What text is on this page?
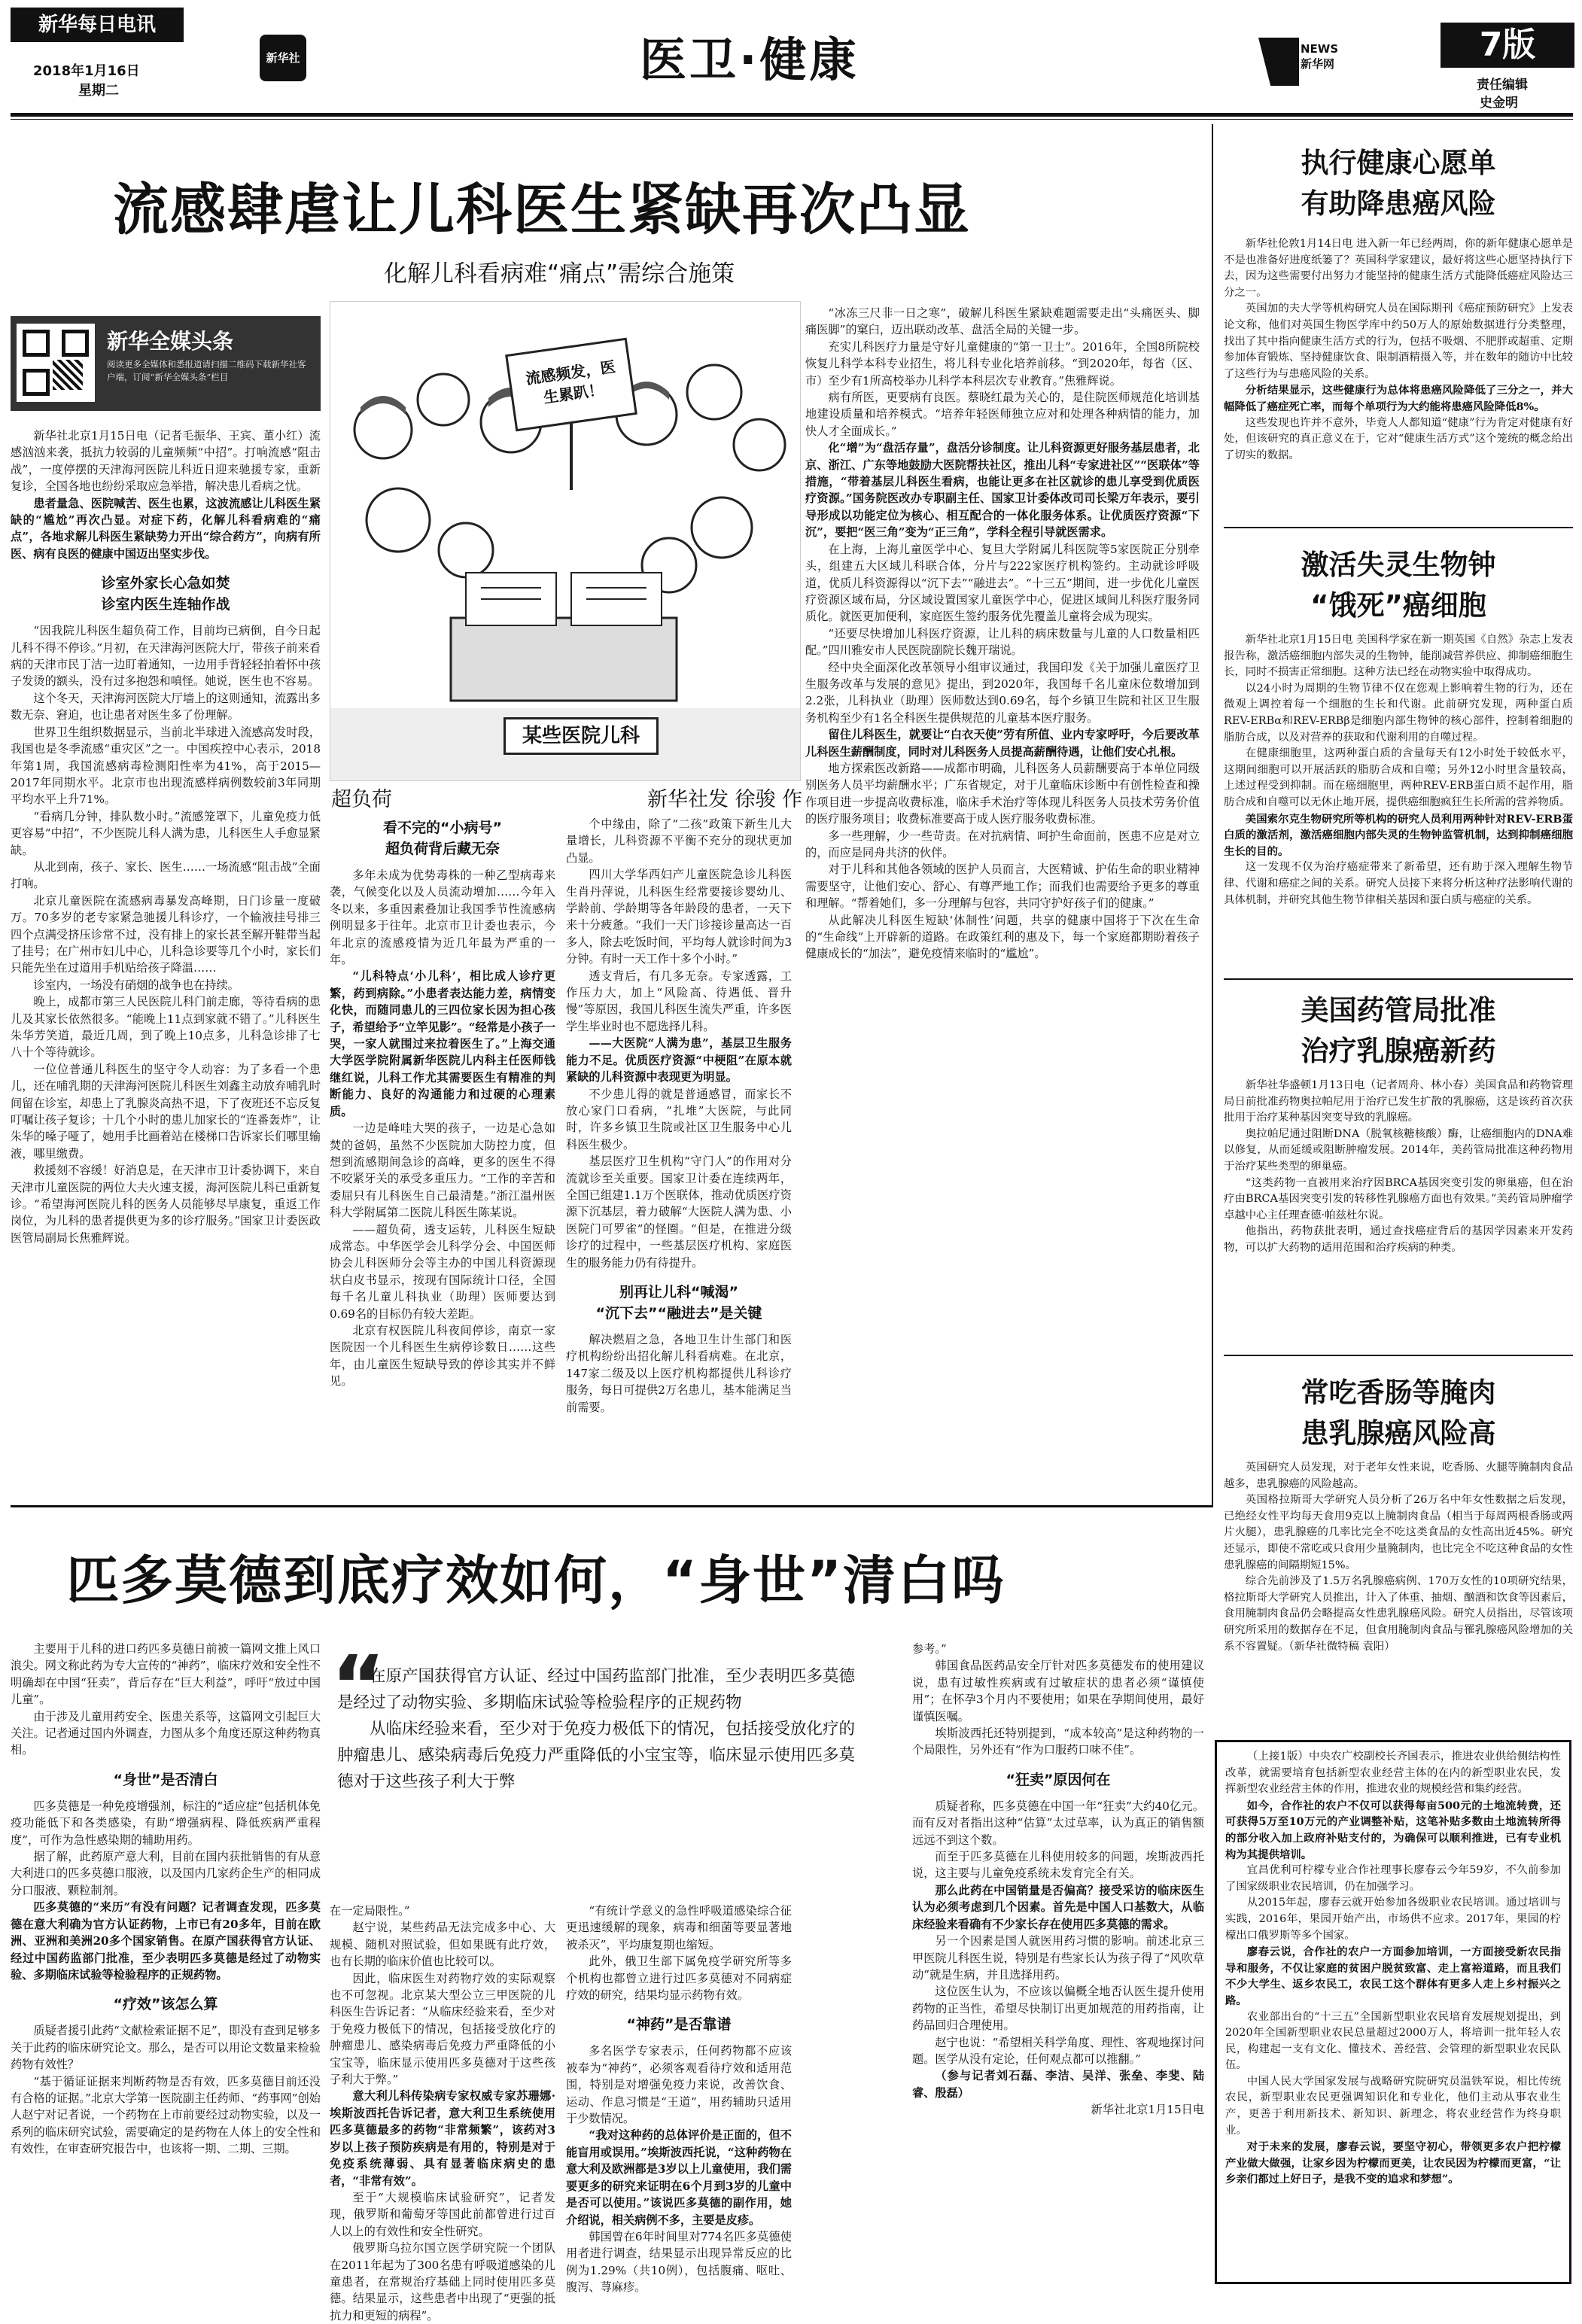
新华每日电讯
2018年1月16日
星期二
新华社	医卫·健康	NEWS 新华网	7版
责任编辑
史金明
流感肆虐让儿科医生紧缺再次凸显
化解儿科看病难“痛点”需综合施策
新华全媒头条
阅读更多全媒体和悉报道请扫描二维码下载新华社客户端，订阅“新华全媒头条”栏目

新华社北京1月15日电（记者毛振华、王宾、董小红）流感汹汹来袭，抵抗力较弱的儿童频频“中招”。打响流感“阻击战”，一度停摆的天津海河医院儿科近日迎来驰援专家，重新复诊，全国各地也纷纷采取应急举措，解决患儿看病之忧。

患者量急、医院喊苦、医生也累，这波流感让儿科医生紧缺的“尴尬”再次凸显。对症下药，化解儿科看病难的“痛点”，各地求解儿科医生紧缺势力开出“综合药方”，向病有所医、病有良医的健康中国迈出坚实步伐。

诊室外家长心急如焚
诊室内医生连轴作战

“因我院儿科医生超负荷工作，目前均已病倒，自今日起儿科不得不停诊。”月初，在天津海河医院大厅，带孩子前来看病的天津市民丁洁一边盯着通知，一边用手背轻轻拍着怀中孩子发烫的额头，没有过多抱怨和嗔怪。她说，医生也不容易。

这个冬天，天津海河医院大厅墙上的这则通知，流露出多数无奈、窘迫，也让患者对医生多了份理解。

世界卫生组织数据显示，当前北半球进入流感高发时段，我国也是冬季流感“重灾区”之一。中国疾控中心表示，2018年第1周，我国流感病毒检测阳性率为41%，高于2015—2017年同期水平。北京市也出现流感样病例数较前3年同期平均水平上升71%。

“看病几分钟，排队数小时。”流感笼罩下，儿童免疫力低更容易“中招”，不少医院儿科人满为患，儿科医生人手愈显紧缺。

从北到南，孩子、家长、医生……一场流感“阻击战”全面打响。

北京儿童医院在流感病毒暴发高峰期，日门诊量一度破万。70多岁的老专家紧急驰援儿科诊疗，一个输液挂号排三四个点满受挤压诊常不过，没有排上的家长甚至解开鞋带当起了挂号；在广州市妇儿中心，儿科急诊要等几个小时，家长们只能先坐在过道用手机贴给孩子降温……

诊室内，一场没有硝烟的战争也在持续。

晚上，成都市第三人民医院儿科门前走廊，等待看病的患儿及其家长依然很多。“能晚上11点到家就不错了。”儿科医生朱华芳笑道，最近几周，到了晚上10点多，儿科急诊排了七八十个等待就诊。

一位位普通儿科医生的坚守令人动容：为了多看一个患儿，还在哺乳期的天津海河医院儿科医生刘鑫主动放弃哺乳时间留在诊室，却患上了乳腺炎高热不退，下了夜班还不忘反复叮嘱让孩子复诊；十几个小时的患儿加家长的“连番轰炸”，让朱华的嗓子哑了，她用手比画着站在楼梯口告诉家长们哪里输液，哪里缴费。

救援刻不容缓！好消息是，在天津市卫计委协调下，来自天津市儿童医院的两位大夫火速支援，海河医院儿科已重新复诊。“希望海河医院儿科的医务人员能够尽早康复，重返工作岗位，为儿科的患者提供更为多的诊疗服务。”国家卫计委医政医管局副局长焦雅辉说。

流感频发，医生累趴！
某些医院儿科
超负荷	新华社发 徐骏 作
看不完的“小病号”
超负荷背后藏无奈

多年未成为优势毒株的一种乙型病毒来袭，气候变化以及人员流动增加……今年入冬以来，多重因素叠加让我国季节性流感病例明显多于往年。北京市卫计委也表示，今年北京的流感疫情为近几年最为严重的一年。

“儿科特点‘小儿科’，相比成人诊疗更繁，药到病除。”小患者表达能力差，病情变化快，而随同患儿的三四位家长因为担心孩子，希望给予“立竿见影”。“经常是小孩子一哭，一家人就围过来拉着医生了。”上海交通大学医学院附属新华医院儿内科主任医师钱继红说，儿科工作尤其需要医生有精准的判断能力、良好的沟通能力和过硬的心理素质。

一边是峰哇大哭的孩子，一边是心急如焚的爸妈，虽然不少医院加大防控力度，但想到流感期间急诊的高峰，更多的医生不得不咬紧牙关的承受多重压力。“工作的辛苦和委屈只有儿科医生自己最清楚。”浙江温州医科大学附属第二医院儿科医生陈某说。

——超负荷，透支运转，儿科医生短缺成常态。中华医学会儿科学分会、中国医师协会儿科医师分会等主办的中国儿科资源现状白皮书显示，按现有国际统计口径，全国每千名儿童儿科执业（助理）医师要达到0.69名的目标仍有较大差距。

北京有权医院儿科夜间停诊，南京一家医院因一个儿科医生生病停诊数日……这些年，由儿童医生短缺导致的停诊其实并不鲜见。

个中缘由，除了“二孩”政策下新生儿大量增长，儿科资源不平衡不充分的现状更加凸显。

四川大学华西妇产儿童医院急诊儿科医生肖丹萍说，儿科医生经常要接诊婴幼儿、学龄前、学龄期等各年龄段的患者，一天下来十分疲惫。“我们一天门诊接诊量高达一百多人，除去吃饭时间，平均每人就诊时间为3分钟。有时一天工作十多个小时。”

透支背后，有几多无奈。专家透露，工作压力大，加上“风险高、待遇低、晋升慢”等原因，我国儿科医生流失严重，许多医学生毕业时也不愿选择儿科。

——大医院“人满为患”，基层卫生服务能力不足。优质医疗资源“中梗阻”在原本就紧缺的儿科资源中表现更为明显。

不少患儿得的就是普通感冒，而家长不放心家门口看病，“扎堆”大医院，与此同时，许多乡镇卫生院或社区卫生服务中心儿科医生极少。

基层医疗卫生机构“守门人”的作用对分流就诊至关重要。国家卫计委在连续两年，全国已组建1.1万个医联体，推动优质医疗资源下沉基层，着力破解“大医院人满为患、小医院门可罗雀”的怪圈。“但是，在推进分级诊疗的过程中，一些基层医疗机构、家庭医生的服务能力仍有待提升。

别再让儿科“喊渴”
“沉下去”“融进去”是关键

解决燃眉之急，各地卫生计生部门和医疗机构纷纷出招化解儿科看病难。在北京，147家二级及以上医疗机构都提供儿科诊疗服务，每日可提供2万名患儿，基本能满足当前需要。

“冰冻三尺非一日之寒”，破解儿科医生紧缺难题需要走出“头痛医头、脚痛医脚”的窠臼，迈出联动改革、盘活全局的关键一步。

充实儿科医疗力量是守好儿童健康的“第一卫士”。2016年，全国8所院校恢复儿科学本科专业招生，将儿科专业化培养前移。“到2020年，每省（区、市）至少有1所高校举办儿科学本科层次专业教育。”焦雅辉说。

病有所医，更要病有良医。蔡晓红最为关心的，是住院医师规范化培训基地建设质量和培养模式。“培养年轻医师独立应对和处理各种病情的能力，加快人才全面成长。”

化“增”为“盘活存量”，盘活分诊制度。让儿科资源更好服务基层患者，北京、浙江、广东等地鼓励大医院帮扶社区，推出儿科“专家进社区”“医联体”等措施，“带着基层儿科医生看病，也能让更多在社区就诊的患儿享受到优质医疗资源。”国务院医改办专职副主任、国家卫计委体改司司长梁万年表示，要引导形成以功能定位为核心、相互配合的一体化服务体系。让优质医疗资源“下沉”，要把“医三角”变为“正三角”，学科全程引导就医需求。

在上海，上海儿童医学中心、复旦大学附属儿科医院等5家医院正分别牵头，组建五大区域儿科联合体，分片与222家医疗机构签约。主动就诊呼吸道，优质儿科资源得以“沉下去”“融进去”。“十三五”期间，进一步优化儿童医疗资源区域布局，分区域设置国家儿童医学中心，促进区域间儿科医疗服务同质化。就医更加便利，家庭医生签约服务优先覆盖儿童将会成为现实。

“还要尽快增加儿科医疗资源，让儿科的病床数量与儿童的人口数量相匹配。”四川雅安市人民医院副院长魏开瑞说。

经中央全面深化改革领导小组审议通过，我国印发《关于加强儿童医疗卫生服务改革与发展的意见》提出，到2020年，我国每千名儿童床位数增加到2.2张，儿科执业（助理）医师数达到0.69名，每个乡镇卫生院和社区卫生服务机构至少有1名全科医生提供规范的儿童基本医疗服务。

留住儿科医生，就要让“白衣天使”劳有所值、业内专家呼吁，今后要改革儿科医生薪酬制度，同时对儿科医务人员提高薪酬待遇，让他们安心扎根。

地方探索医改新路——成都市明确，儿科医务人员薪酬要高于本单位同级别医务人员平均薪酬水平；广东省规定，对于儿童临床诊断中有创性检查和操作项目进一步提高收费标准，临床手术治疗等体现儿科医务人员技术劳务价值的医疗服务项目；收费标准要高于成人医疗服务收费标准。

多一些理解，少一些苛责。在对抗病情、呵护生命面前，医患不应是对立的，而应是同舟共济的伙伴。

对于儿科和其他各领域的医护人员而言，大医精诚、护佑生命的职业精神需要坚守，让他们安心、舒心、有尊严地工作；而我们也需要给予更多的尊重和理解。“帮着她们，多一分理解与包容，共同守护好孩子们的健康。”

从此解决儿科医生短缺‘体制性’问题，共享的健康中国将于下次在生命的“生命线”上开辟新的道路。在政策红利的惠及下，每一个家庭都期盼着孩子健康成长的“加法”，避免疫情来临时的“尴尬”。

执行健康心愿单
有助降患癌风险

新华社伦敦1月14日电 进入新一年已经两周，你的新年健康心愿单是不是也准备好进度纸篓了？英国科学家建议，最好将这些心愿坚持执行下去，因为这些需要付出努力才能坚持的健康生活方式能降低癌症风险达三分之一。

英国加的夫大学等机构研究人员在国际期刊《癌症预防研究》上发表论文称，他们对英国生物医学库中约50万人的原始数据进行分类整理，找出了其中指向健康生活方式的行为，包括不吸烟、不肥胖或超重、定期参加体育锻炼、坚持健康饮食、限制酒精摄入等，并在数年的随访中比较了这些行为与患癌风险的关系。

分析结果显示，这些健康行为总体将患癌风险降低了三分之一，并大幅降低了癌症死亡率，而每个单项行为大约能将患癌风险降低8%。

这些发现也许并不意外，毕竟人人都知道“健康”行为肯定对健康有好处，但该研究的真正意义在于，它对“健康生活方式”这个笼统的概念给出了切实的数据。

激活失灵生物钟
“饿死”癌细胞

新华社北京1月15日电 美国科学家在新一期英国《自然》杂志上发表报告称，激活癌细胞内部失灵的生物钟，能削减营养供应、抑制癌细胞生长，同时不损害正常细胞。这种方法已经在动物实验中取得成功。

以24小时为周期的生物节律不仅在您观上影响着生物的行为，还在微观上调控着每一个细胞的生长和代谢。此前研究发现，两种蛋白质REV-ERBα和REV-ERBβ是细胞内部生物钟的核心部件，控制着细胞的脂肪合成，以及对营养的获取和代谢利用的自噬过程。

在健康细胞里，这两种蛋白质的含量每天有12小时处于较低水平，这期间细胞可以开展活跃的脂肪合成和自噬；另外12小时里含量较高，上述过程受到抑制。而在癌细胞里，两种REV-ERB蛋白质不起作用，脂肪合成和自噬可以无休止地开展，提供癌细胞疯狂生长所需的营养物质。

美国索尔克生物研究所等机构的研究人员利用两种针对REV-ERB蛋白质的激活剂，激活癌细胞内部失灵的生物钟监管机制，达到抑制癌细胞生长的目的。

这一发现不仅为治疗癌症带来了新希望，还有助于深入理解生物节律、代谢和癌症之间的关系。研究人员接下来将分析这种疗法影响代谢的具体机制，并研究其他生物节律相关基因和蛋白质与癌症的关系。

美国药管局批准
治疗乳腺癌新药

新华社华盛顿1月13日电（记者周舟、林小春）美国食品和药物管理局日前批准药物奥拉帕尼用于治疗已发生扩散的乳腺癌，这是该药首次获批用于治疗某种基因突变导致的乳腺癌。

奥拉帕尼通过阻断DNA（脱氧核糖核酸）酶，让癌细胞内的DNA难以修复，从而延缓或阻断肿瘤发展。2014年，美药管局批准这种药物用于治疗某些类型的卵巢癌。

“这类药物一直被用来治疗因BRCA基因突变引发的卵巢癌，但在治疗由BRCA基因突变引发的转移性乳腺癌方面也有效果。”美药管局肿瘤学卓越中心主任理查德·帕兹杜尔说。

他指出，药物获批表明，通过查找癌症背后的基因学因素来开发药物，可以扩大药物的适用范围和治疗疾病的种类。

常吃香肠等腌肉
患乳腺癌风险高

英国研究人员发现，对于老年女性来说，吃香肠、火腿等腌制肉食品越多，患乳腺癌的风险越高。

英国格拉斯哥大学研究人员分析了26万名中年女性数据之后发现，已绝经女性平均每天食用9克以上腌制肉食品（相当于每周两根香肠或两片火腿），患乳腺癌的几率比完全不吃这类食品的女性高出近45%。研究还显示，即使不常吃或只食用少量腌制肉，也比完全不吃这种食品的女性患乳腺癌的间隔期短15%。

综合先前涉及了1.5万名乳腺癌病例、170万女性的10项研究结果，格拉斯哥大学研究人员推出，计入了体重、抽烟、酗酒和饮食等因素后，食用腌制肉食品仍会略提高女性患乳腺癌风险。研究人员指出，尽管该项研究所采用的数据存在不足，但食用腌制肉食品与罹乳腺癌风险增加的关系不容置疑。（新华社微特稿 袁阳）

（上接1版）中央农广校副校长齐国表示，推进农业供给侧结构性改革，就需要培育包括新型农业经营主体的在内的新型职业农民，发挥新型农业经营主体的作用，推进农业的规模经营和集约经营。

如今，合作社的农户不仅可以获得每亩500元的土地流转费，还可获得5万至10万元的产业调整补贴，这笔补贴多数由土地流转所得的部分收入加上政府补贴支付的，为确保可以顺利推进，已有专业机构为其提供培训。

宜昌优利可柠檬专业合作社理事长廖春云今年59岁，不久前参加了国家级职业农民培训，仍在加强学习。

从2015年起，廖春云就开始参加各级职业农民培训。通过培训与实践，2016年，果园开始产出，市场供不应求。2017年，果园的柠檬出口俄罗斯等多个国家。

廖春云说，合作社的农户一方面参加培训，一方面接受新农民指导和服务，不仅让家庭的贫困户脱贫致富、走上富裕道路，而且我们不少大学生、返乡农民工，农民工这个群体有更多人走上乡村振兴之路。

农业部出台的“十三五”全国新型职业农民培育发展规划提出，到2020年全国新型职业农民总量超过2000万人，将培训一批年轻人农民，构建起一支有文化、懂技术、善经营、会管理的新型职业农民队伍。

中国人民大学国家发展与战略研究院研究员温铁军说，相比传统农民，新型职业农民更强调知识化和专业化，他们主动从事农业生产，更善于利用新技术、新知识、新理念，将农业经营作为终身职业。

对于未来的发展，廖春云说，要坚守初心，带领更多农户把柠檬产业做大做强，让家乡因为柠檬而更美，让农民因为柠檬而更富，“让乡亲们都过上好日子，是我不变的追求和梦想”。

匹多莫德到底疗效如何，“身世”清白吗
“
在原产国获得官方认证、经过中国药监部门批准，至少表明匹多莫德是经过了动物实验、多期临床试验等检验程序的正规药物
从临床经验来看，至少对于免疫力极低下的情况，包括接受放化疗的肿瘤患儿、感染病毒后免疫力严重降低的小宝宝等，临床显示使用匹多莫德对于这些孩子利大于弊

主要用于儿科的进口药匹多莫德日前被一篇网文推上风口浪尖。网文称此药为专大宣传的“神药”，临床疗效和安全性不明确却在中国“狂卖”，背后存在“巨大利益”，呼吁“放过中国儿童”。

由于涉及儿童用药安全、医患关系等，这篇网文引起巨大关注。记者通过国内外调查，力图从多个角度还原这种药物真相。

“身世”是否清白

匹多莫德是一种免疫增强剂，标注的“适应症”包括机体免疫功能低下和各类感染，有助“增强病程、降低疾病严重程度”，可作为急性感染期的辅助用药。

据了解，此药原产意大利，目前在国内获批销售的有从意大利进口的匹多莫德口服液，以及国内几家药企生产的相同成分口服液、颗粒制剂。

匹多莫德的“来历”有没有问题？记者调查发现，匹多莫德在意大利确为官方认证药物，上市已有20多年，目前在欧洲、亚洲和美洲20多个国家销售。在原产国获得官方认证、经过中国药监部门批准，至少表明匹多莫德是经过了动物实验、多期临床试验等检验程序的正规药物。

“疗效”该怎么算

质疑者援引此药“文献检索证据不足”，即没有查到足够多关于此药的临床研究论文。那么，是否可以用论文数量来检验药物有效性？

“基于循证证据来判断药物是否有效，匹多莫德目前还没有合格的证据。”北京大学第一医院副主任药师、“药事网”创始人赵宁对记者说，一个药物在上市前要经过动物实验，以及一系列的临床研究试验，需要确定的是药物在人体上的安全性和有效性，在审查研究报告中，也该将一期、二期、三期。

在一定局限性。”

赵宁说，某些药品无法完成多中心、大规模、随机对照试验，但如果既有此疗效，也有长期的临床价值也比较可以。

因此，临床医生对药物疗效的实际观察也不可忽视。北京某大型公立三甲医院的儿科医生告诉记者：“从临床经验来看，至少对于免疫力极低下的情况，包括接受放化疗的肿瘤患儿、感染病毒后免疫力严重降低的小宝宝等，临床显示使用匹多莫德对于这些孩子利大于弊。”

意大利儿科传染病专家权威专家苏珊娜·埃斯波西托告诉记者，意大利卫生系统使用匹多莫德最多的药物“非常频繁”，该药对3岁以上孩子预防疾病是有用的，特别是对于免疫系统薄弱、具有显著临床病史的患者，“非常有效”。

至于“大规模临床试验研究”，记者发现，俄罗斯和葡萄牙等国此前都曾进行过百人以上的有效性和安全性研究。

俄罗斯乌拉尔国立医学研究院一个团队在2011年起为了300名患有呼吸道感染的儿童患者，在常规治疗基础上同时使用匹多莫德。结果显示，这些患者中出现了“更强的抵抗力和更短的病程”。

“有统计学意义的急性呼吸道感染综合征更迅速缓解的现象，病毒和细菌等要显著地被杀灭”，平均康复期也缩短。

此外，俄卫生部下属免疫学研究所等多个机构也都曾立进行过匹多莫德对不同病症疗效的研究，结果均显示药物有效。

“神药”是否靠谱

多名医学专家表示，任何药物都不应该被奉为“神药”，必须客观看待疗效和适用范围，特别是对增强免疫力来说，改善饮食、运动、作息习惯是“王道”，用药辅助只适用于少数情况。

“我对这种药的总体评价是正面的，但不能盲用或误用。”埃斯波西托说，“这种药物在意大利及欧洲都是3岁以上儿童使用，我们需要更多的研究来证明在6个月到3岁的儿童中是否可以使用。”该说匹多莫德的副作用，她介绍说，相关病例不多，主要是皮疹。

韩国曾在6年时间里对774名匹多莫德使用者进行调查，结果显示出现异常反应的比例为1.29%（共10例），包括腹痛、呕吐、腹泻、荨麻疹。

参考。”

韩国食品医药品安全厅针对匹多莫德发布的使用建议说，患有过敏性疾病或有过敏症状的患者必须“谨慎使用”；在怀孕3个月内不要使用；如果在孕期间使用，最好谨慎医嘱。

埃斯波西托还特别提到，“成本较高”是这种药物的一个局限性，另外还有“作为口服药口味不佳”。

“狂卖”原因何在

质疑者称，匹多莫德在中国一年“狂卖”大约40亿元。而有反对者指出这种“估算”太过草率，认为真正的销售额远远不到这个数。

而至于匹多莫德在儿科使用较多的问题，埃斯波西托说，这主要与儿童免疫系统未发育完全有关。

那么此药在中国销量是否偏高？接受采访的临床医生认为必须考虑到几个因素。首先是中国人口基数大，从临床经验来看确有不少家长存在使用匹多莫德的需求。

另一个因素是国人就医用药习惯的影响。前述北京三甲医院儿科医生说，特别是有些家长认为孩子得了“风吹草动”就是生病，并且选择用药。

这位医生认为，不应该以偏概全地否认医生提升使用药物的正当性，希望尽快制订出更加规范的用药指南，让药品回归合理使用。

赵宁也说：“希望相关科学角度、理性、客观地探讨问题。医学从没有定论，任何观点都可以推翻。”

（参与记者刘石磊、李洁、吴洋、张垒、李斐、陆睿、殷磊）

新华社北京1月15日电
